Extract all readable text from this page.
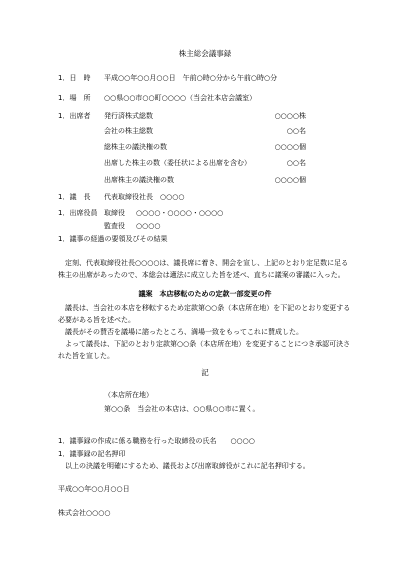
株主総会議事録
1．日　時 平成○○年○○月○○日　午前○時○分から午前○時○分
1．場　所 ○○県○○市○○町○○○○（当会社本店会議室）
1．出席者 発行済株式総数	○○○○株
会社の株主総数	○○名
総株主の議決権の数	○○○○個
出席した株主の数（委任状による出席を含む）	○○名
出席株主の議決権の数	○○○○個
1．議　長 代表取締役社長　○○○○
1．出席役員 取締役 ○○○○・○○○○・○○○○
監査役 ○○○○
1．議事の経過の要領及びその結果

　定刻、代表取締役社長○○○○は、議長席に着き、開会を宣し、上記のとおり定足数に足る株主の出席があったので、本総会は適法に成立した旨を述べ、直ちに議案の審議に入った。

議案　本店移転のための定款一部変更の件

　議長は、当会社の本店を移転するため定款第○○条（本店所在地）を下記のとおり変更する必要がある旨を述べた。

　議長がその賛否を議場に諮ったところ、満場一致をもってこれに賛成した。

　よって議長は、下記のとおり定款第○○条（本店所在地）を変更することにつき承認可決された旨を宣した。

記
（本店所在地）
第○○条　当会社の本店は、○○県○○市に置く。
1．議事録の作成に係る職務を行った取締役の氏名　　○○○○
1．議事録の記名押印
　以上の決議を明確にするため、議長および出席取締役がこれに記名押印する。
平成○○年○○月○○日
株式会社○○○○
